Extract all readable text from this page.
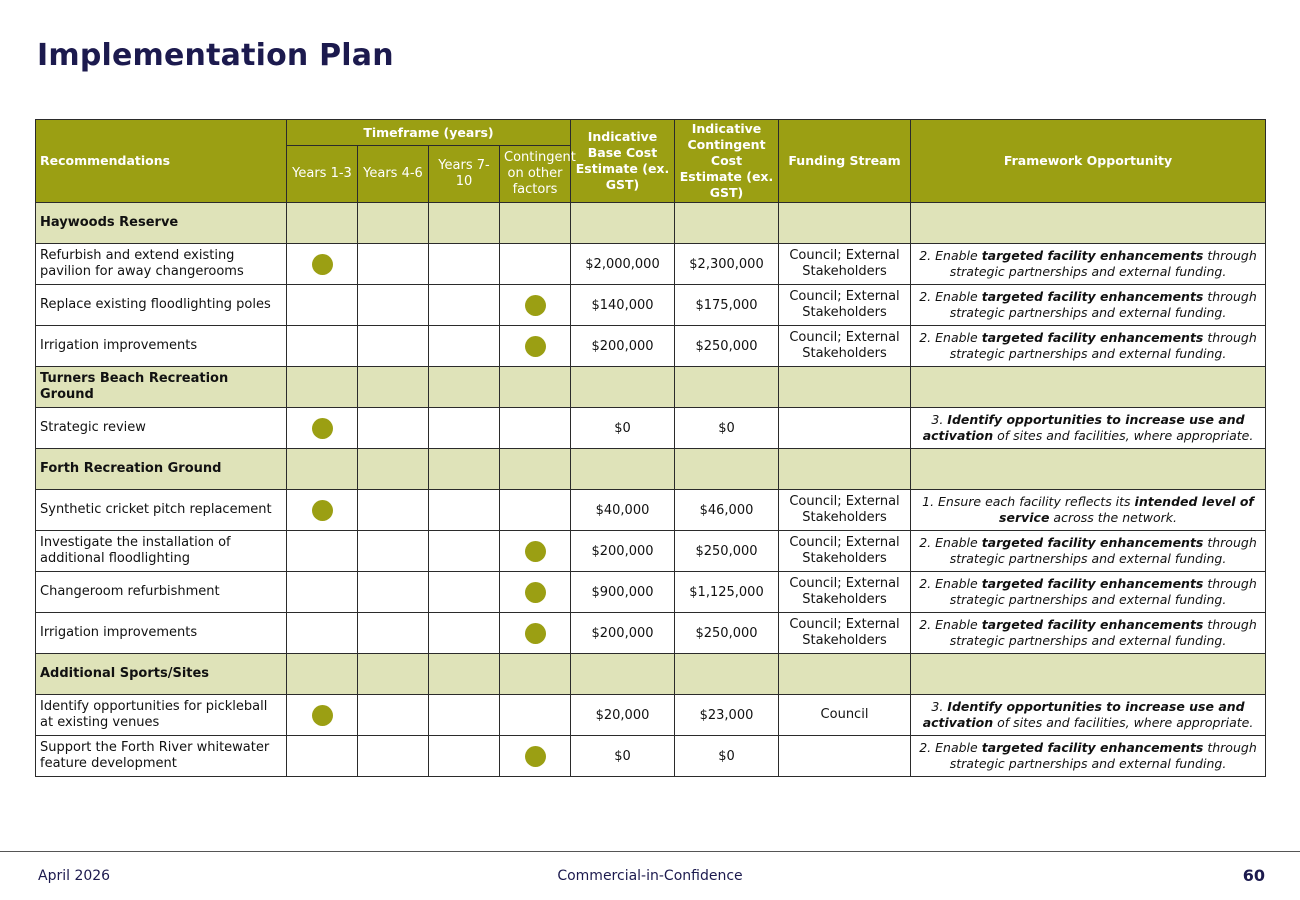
Implementation Plan
Recommendations	Timeframe (years)				Indicative Base Cost Estimate (ex. GST)	Indicative Contingent Cost Estimate (ex. GST)	Funding Stream	Framework Opportunity
	Years 1-3	Years 4-6	Years 7-10	Contingent on other factors				
Haywoods Reserve								
Refurbish and extend existing pavilion for away changerooms					$2,000,000	$2,300,000	Council; External Stakeholders	2. Enable targeted facility enhancements through strategic partnerships and external funding.
Replace existing floodlighting poles					$140,000	$175,000	Council; External Stakeholders	2. Enable targeted facility enhancements through strategic partnerships and external funding.
Irrigation improvements					$200,000	$250,000	Council; External Stakeholders	2. Enable targeted facility enhancements through strategic partnerships and external funding.
Turners Beach Recreation Ground								
Strategic review					$0	$0		3. Identify opportunities to increase use and activation of sites and facilities, where appropriate.
Forth Recreation Ground								
Synthetic cricket pitch replacement					$40,000	$46,000	Council; External Stakeholders	1. Ensure each facility reflects its intended level of service across the network.
Investigate the installation of additional floodlighting					$200,000	$250,000	Council; External Stakeholders	2. Enable targeted facility enhancements through strategic partnerships and external funding.
Changeroom refurbishment					$900,000	$1,125,000	Council; External Stakeholders	2. Enable targeted facility enhancements through strategic partnerships and external funding.
Irrigation improvements					$200,000	$250,000	Council; External Stakeholders	2. Enable targeted facility enhancements through strategic partnerships and external funding.
Additional Sports/Sites								
Identify opportunities for pickleball at existing venues					$20,000	$23,000	Council	3. Identify opportunities to increase use and activation of sites and facilities, where appropriate.
Support the Forth River whitewater feature development					$0	$0		2. Enable targeted facility enhancements through strategic partnerships and external funding.
April 2026	Commercial-in-Confidence	60
